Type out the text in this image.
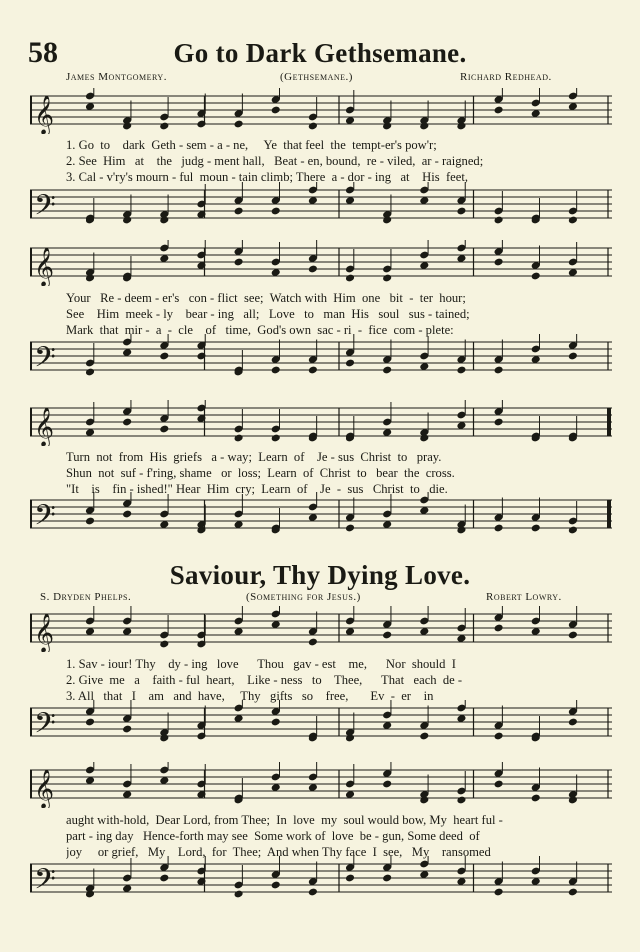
58	Go to Dark Gethsemane.
James Montgomery.	(Gethsemane.)	Richard Redhead.
𝄞
1. Go  to    dark  Geth - sem - a - ne,     Ye  that feel  the  tempt-er's pow'r;
2. See  Him   at    the   judg - ment hall,   Beat - en, bound,  re - viled,  ar - raigned;
3. Cal - v'ry's mourn - ful  moun - tain climb; There  a - dor - ing   at    His  feet,
𝄢
𝄞
Your   Re - deem - er's   con - flict  see;  Watch with  Him  one   bit  -  ter  hour;
See    Him  meek - ly    bear - ing   all;   Love   to   man  His   soul   sus - tained;
Mark  that  mir -  a  -  cle    of   time,  God's own  sac - ri  -  fice  com - plete:
𝄢
𝄞
Turn  not  from  His  griefs   a - way;  Learn  of    Je - sus  Christ  to   pray.
Shun  not  suf - f'ring, shame   or  loss;  Learn  of  Christ  to   bear  the  cross.
"It    is    fin - ished!" Hear  Him  cry;  Learn  of    Je  -  sus   Christ  to   die.
𝄢
Saviour, Thy Dying Love.
S. Dryden Phelps.	(Something for Jesus.)	Robert Lowry.
𝄞
1. Sav - iour! Thy    dy - ing   love      Thou   gav - est    me,      Nor  should  I
2. Give  me   a    faith - ful  heart,    Like - ness   to    Thee,      That   each  de -
3. All   that   I    am   and  have,     Thy   gifts   so    free,       Ev  -  er    in
𝄢
𝄞
aught with-hold,  Dear Lord, from Thee;  In  love  my  soul would bow, My  heart ful -
part - ing day   Hence-forth may see  Some work of  love  be - gun, Some deed  of
joy     or grief,   My    Lord,  for  Thee;  And when Thy face  I  see,   My    ransomed
𝄢
